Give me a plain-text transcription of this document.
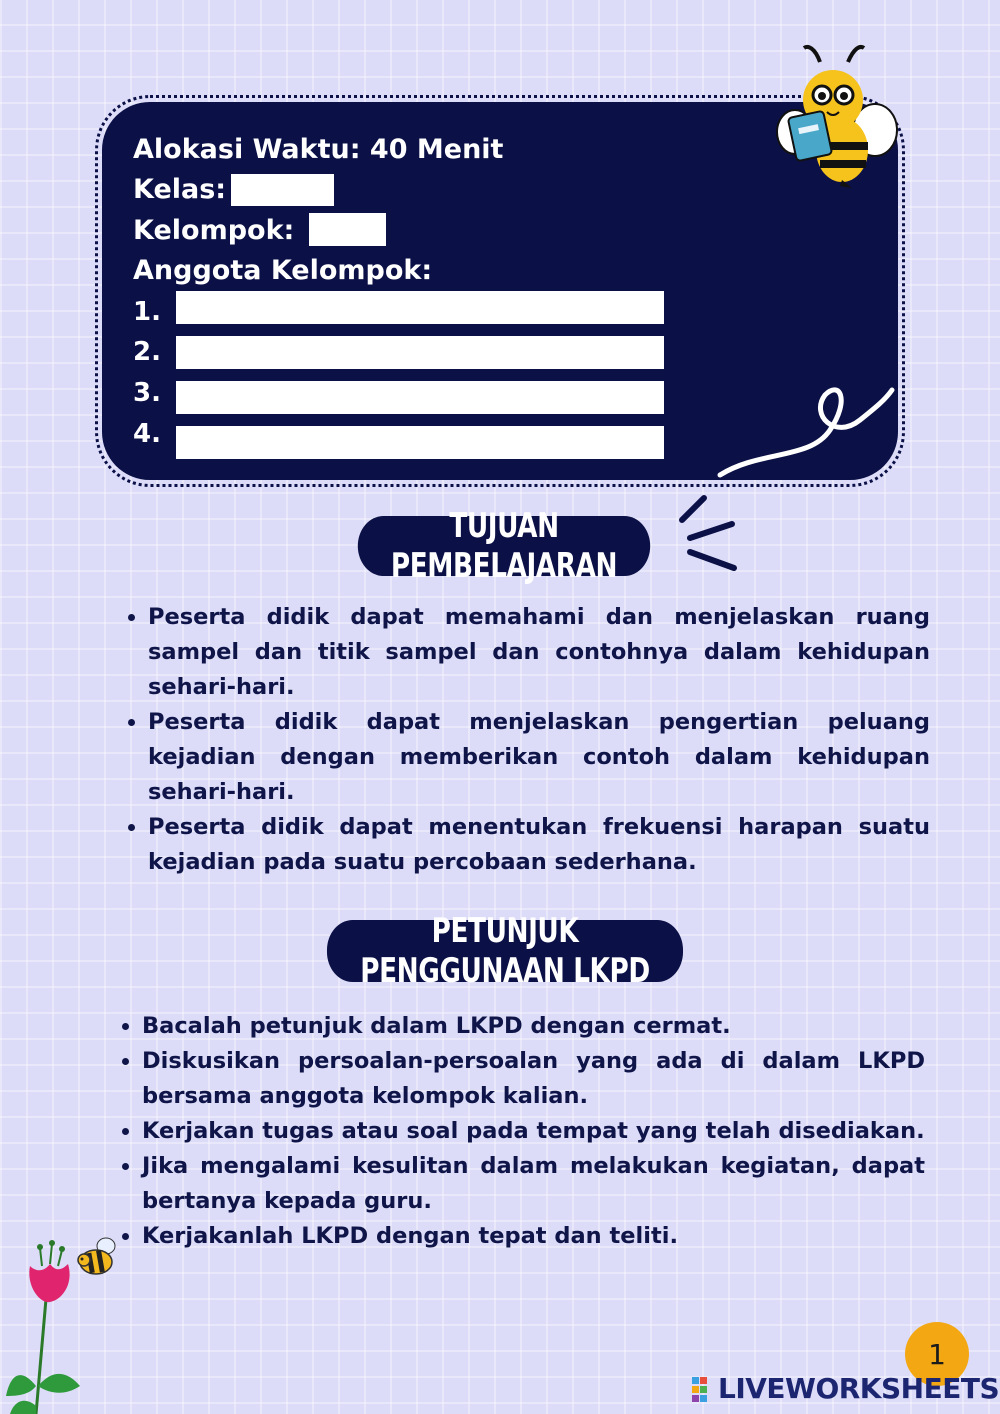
Alokasi Waktu: 40 Menit
Kelas:
Kelompok:
Anggota Kelompok:
1.
2.
3.
4.
TUJUAN PEMBELAJARAN
• Peserta didik dapat memahami dan menjelaskan ruang sampel dan titik sampel dan contohnya dalam kehidupan sehari-hari.
• Peserta didik dapat menjelaskan pengertian peluang kejadian dengan memberikan contoh dalam kehidupan sehari-hari.
• Peserta didik dapat menentukan frekuensi harapan suatu kejadian pada suatu percobaan sederhana.
PETUNJUK PENGGUNAAN LKPD
• Bacalah petunjuk dalam LKPD dengan cermat.
• Diskusikan persoalan-persoalan yang ada di dalam LKPD bersama anggota kelompok kalian.
• Kerjakan tugas atau soal pada tempat yang telah disediakan.
• Jika mengalami kesulitan dalam melakukan kegiatan, dapat bertanya kepada guru.
• Kerjakanlah LKPD dengan tepat dan teliti.
1
LIVEWORKSHEETS
